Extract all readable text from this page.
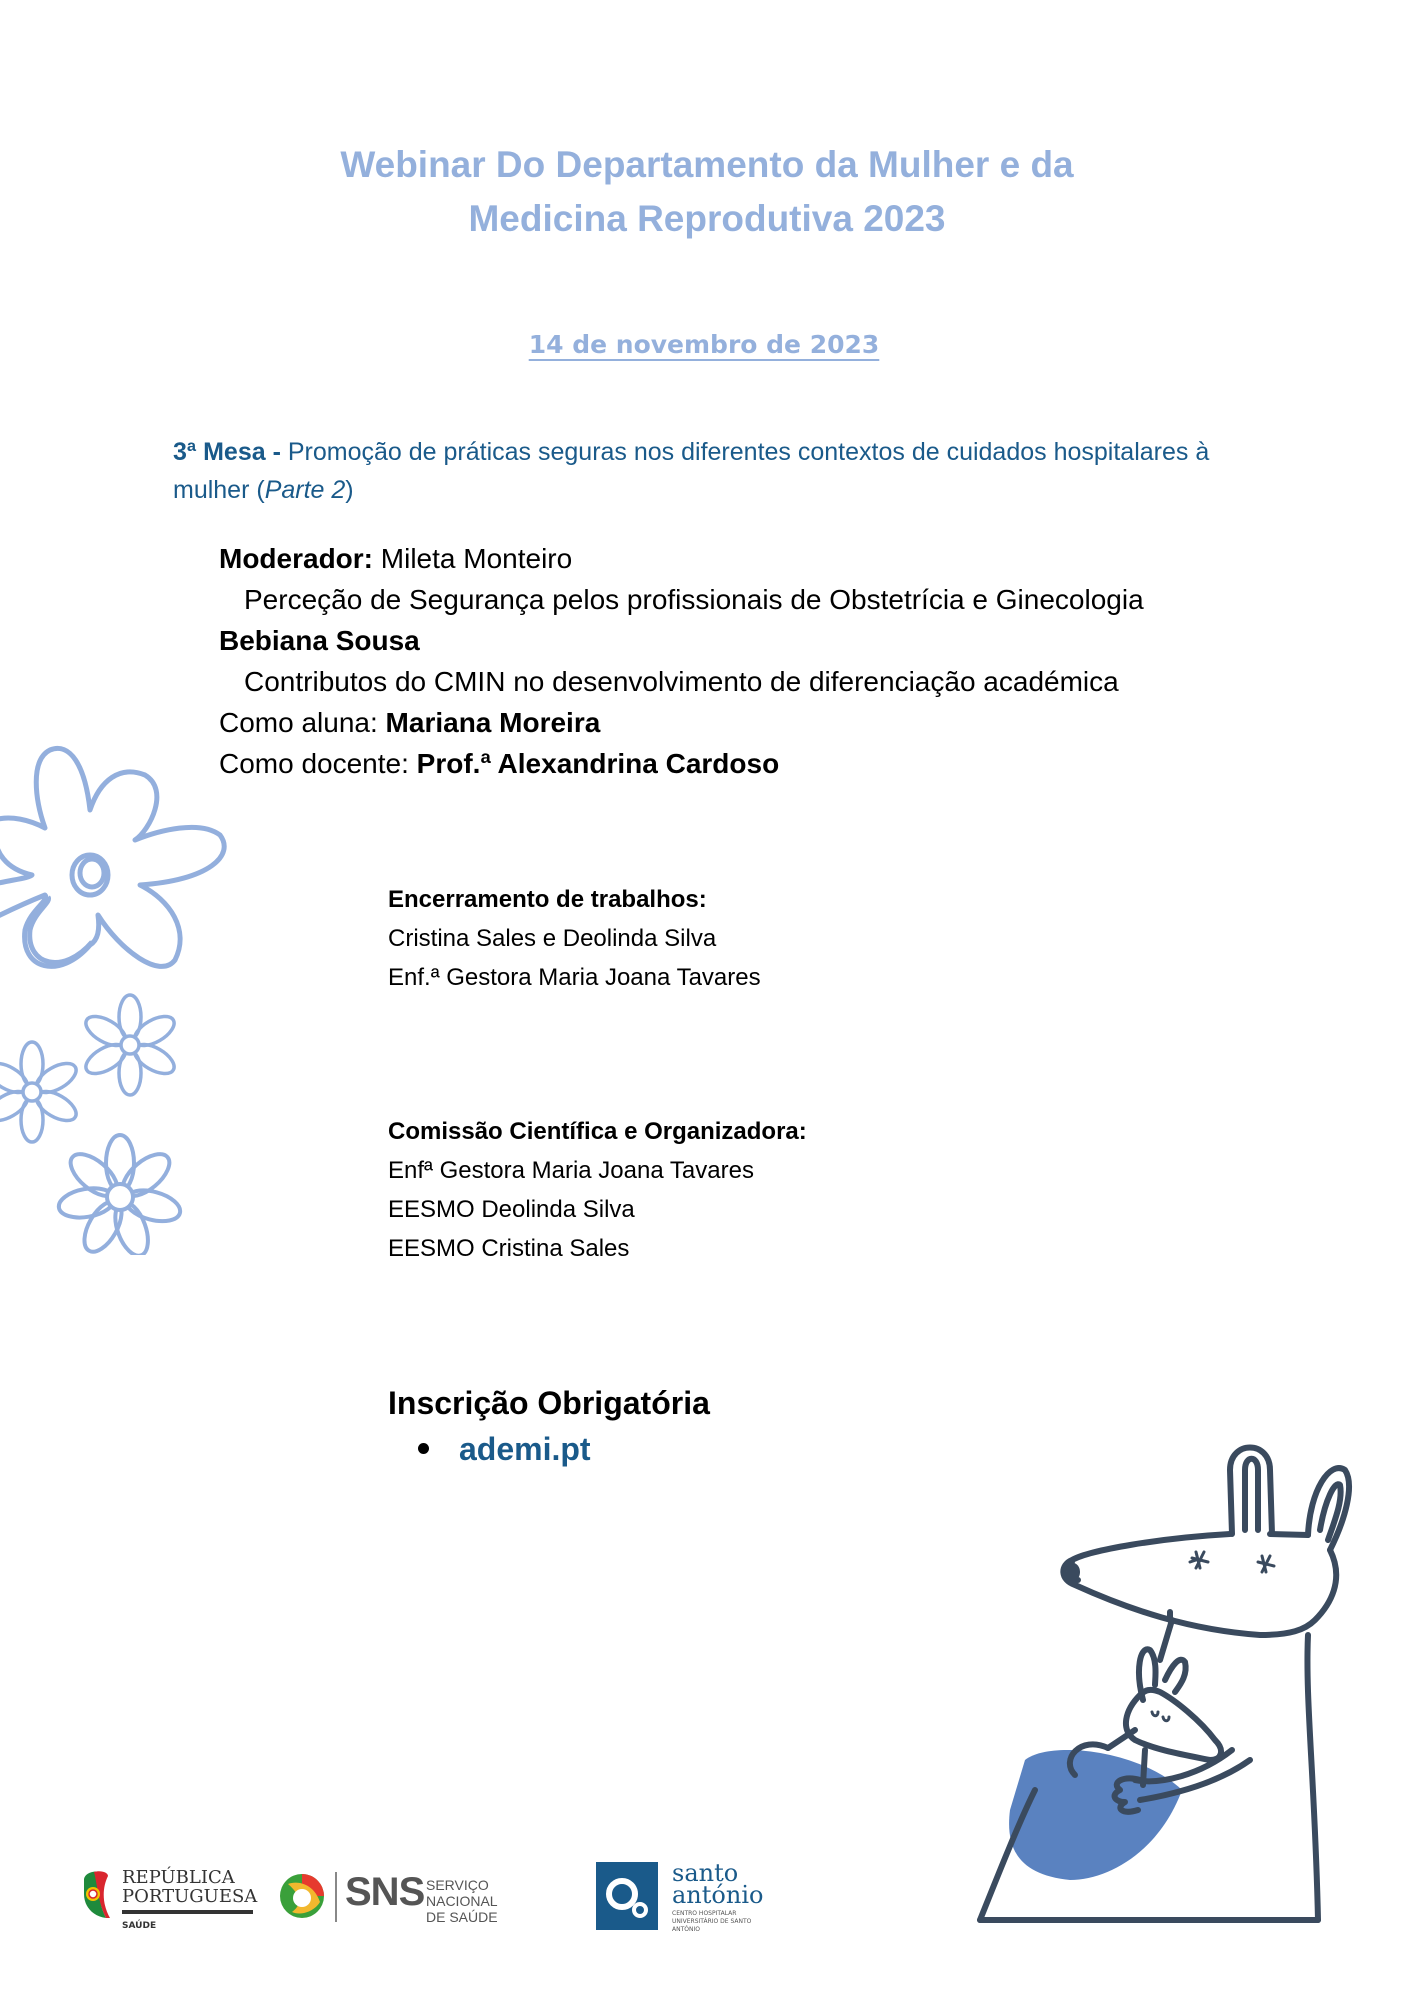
Webinar Do Departamento da Mulher e da
Medicina Reprodutiva 2023
14 de novembro de 2023
3ª Mesa - Promoção de práticas seguras nos diferentes contextos de cuidados hospitalares à mulher (Parte 2)
Moderador: Mileta Monteiro
Perceção de Segurança pelos profissionais de Obstetrícia e Ginecologia
Bebiana Sousa
Contributos do CMIN no desenvolvimento de diferenciação académica
Como aluna: Mariana Moreira
Como docente: Prof.ª Alexandrina Cardoso
Encerramento de trabalhos:
Cristina Sales e Deolinda Silva
Enf.ª Gestora Maria Joana Tavares
Comissão Científica e Organizadora:
Enfª Gestora Maria Joana Tavares
EESMO Deolinda Silva
EESMO Cristina Sales
Inscrição Obrigatória
ademi.pt
REPÚBLICA
PORTUGUESA
SAÚDE
SNS SERVIÇO NACIONAL
DE SAÚDE
santo
antónio
CENTRO HOSPITALAR
UNIVERSITÁRIO DE SANTO ANTÓNIO
